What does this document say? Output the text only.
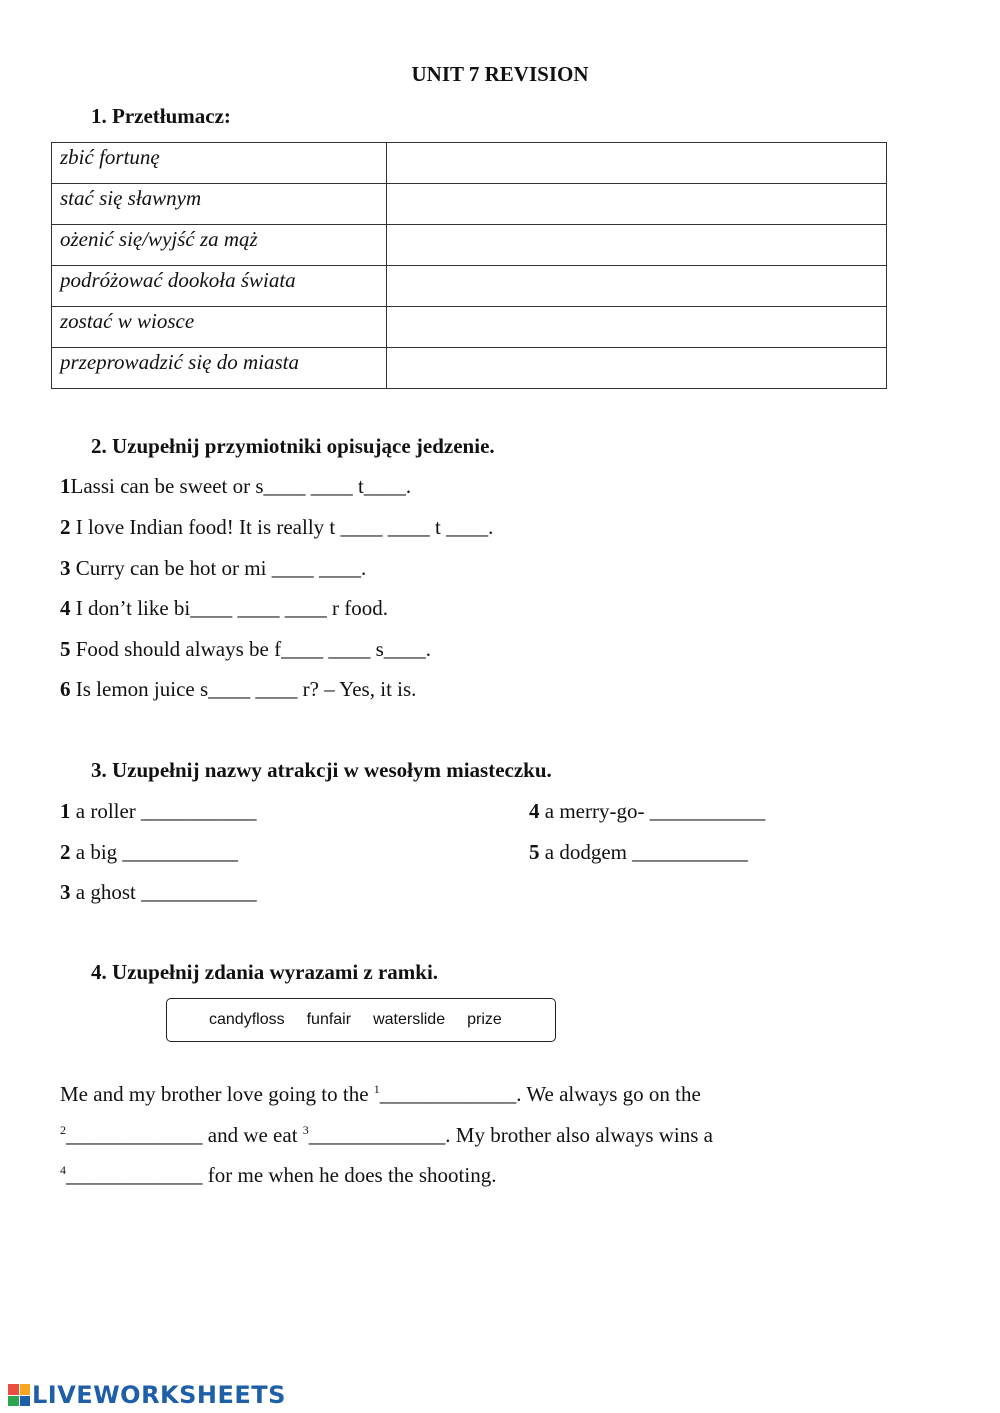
UNIT 7 REVISION
1. Przetłumacz:
zbić fortunę	
stać się sławnym	
ożenić się/wyjść za mąż	
podróżować dookoła świata	
zostać w wiosce	
przeprowadzić się do miasta	
2. Uzupełnij przymiotniki opisujące jedzenie.
1Lassi can be sweet or s____ ____ t____.
2 I love Indian food! It is really t ____ ____ t ____.
3 Curry can be hot or mi ____ ____.
4 I don’t like bi____ ____ ____ r food.
5 Food should always be f____ ____ s____.
6 Is lemon juice s____ ____ r? – Yes, it is.
3. Uzupełnij nazwy atrakcji w wesołym miasteczku.
1 a roller ___________
2 a big ___________
3 a ghost ___________
4 a merry-go- ___________
5 a dodgem ___________
4. Uzupełnij zdania wyrazami z ramki.
candyfloss funfair waterslide prize
Me and my brother love going to the $^1$_____________. We always go on the
$^2$_____________ and we eat $^3$_____________. My brother also always wins a
$^4$_____________ for me when he does the shooting.
LIVEWORKSHEETS
